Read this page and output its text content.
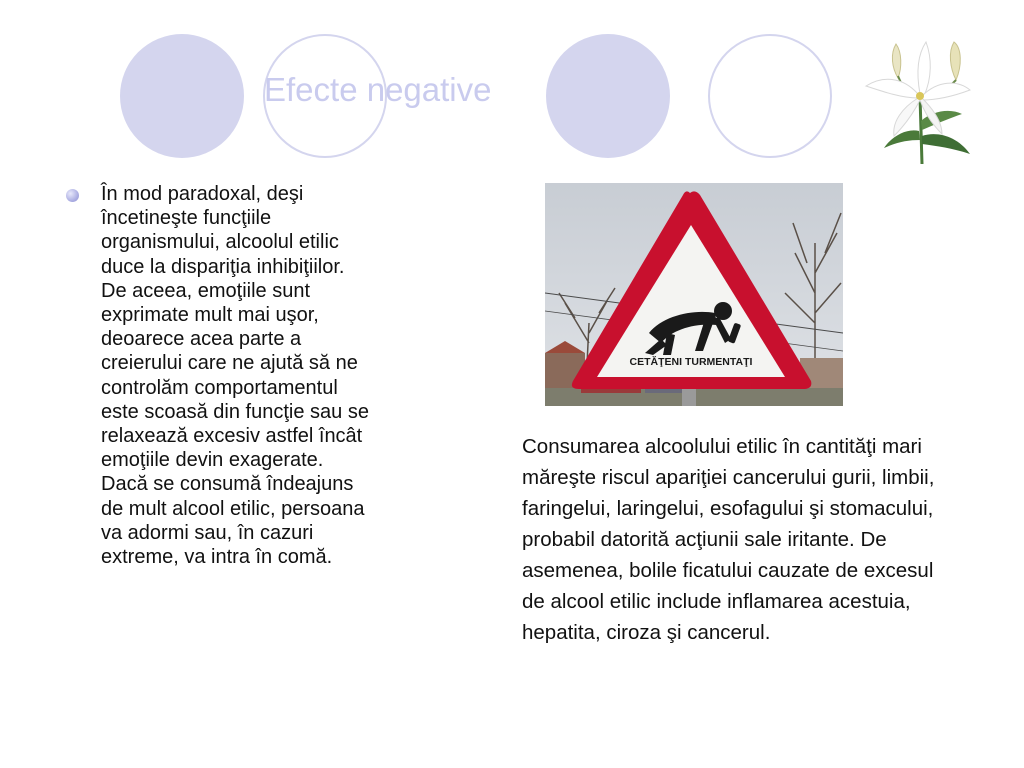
Efecte negative
În mod paradoxal, deşi încetineşte funcţiile organismului, alcoolul etilic duce la dispariţia inhibiţiilor. De aceea, emoţiile sunt exprimate mult mai uşor, deoarece acea parte a creierului care ne ajută să ne controlăm comportamentul este scoasă din funcţie sau se relaxează excesiv astfel încât emoţiile devin exagerate. Dacă se consumă îndeajuns de mult alcool etilic, persoana va adormi sau, în cazuri extreme, va intra în comă.
CETĂŢENI TURMENTAŢI
Consumarea alcoolului etilic în cantităţi mari măreşte riscul apariţiei cancerului gurii, limbii, faringelui, laringelui, esofagului şi stomacului, probabil datorită acţiunii sale iritante. De asemenea, bolile ficatului cauzate de excesul de alcool etilic include inflamarea acestuia, hepatita, ciroza şi cancerul.
